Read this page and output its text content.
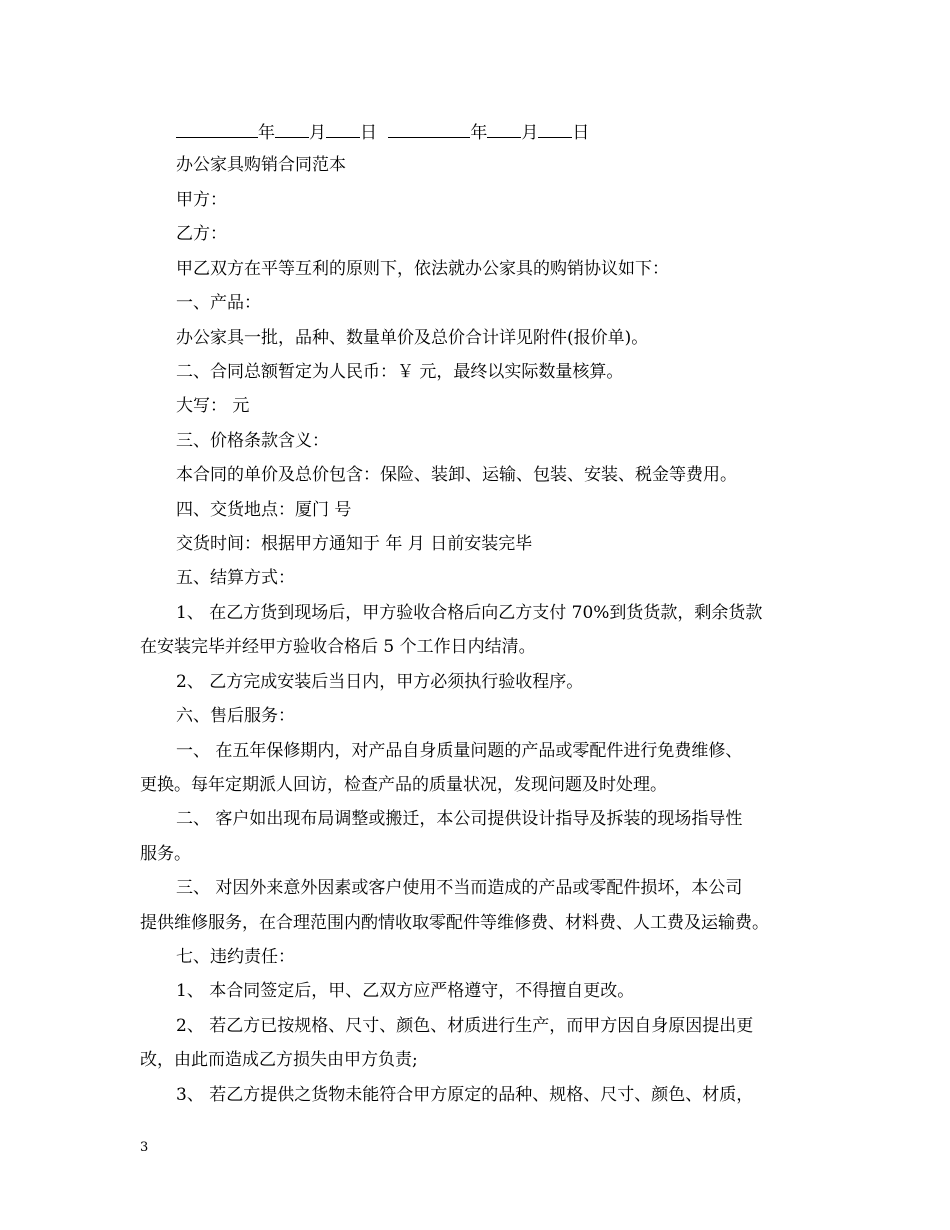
年 月 日	年 月 日
办公家具购销合同范本
甲方：
乙方：
甲乙双方在平等互利的原则下，依法就办公家具的购销协议如下：
一、产品：
办公家具一批，品种、数量单价及总价合计详见附件(报价单)。
二、合同总额暂定为人民币：￥ 元，最终以实际数量核算。
大写： 元
三、价格条款含义：
本合同的单价及总价包含：保险、装卸、运输、包装、安装、税金等费用。
四、交货地点：厦门 号
交货时间：根据甲方通知于 年 月 日前安装完毕
五、结算方式：
1、 在乙方货到现场后，甲方验收合格后向乙方支付 70%到货货款，剩余货款
在安装完毕并经甲方验收合格后 5 个工作日内结清。
2、 乙方完成安装后当日内，甲方必须执行验收程序。
六、售后服务：
一、 在五年保修期内，对产品自身质量问题的产品或零配件进行免费维修、
更换。每年定期派人回访，检查产品的质量状况，发现问题及时处理。
二、 客户如出现布局调整或搬迁，本公司提供设计指导及拆装的现场指导性
服务。
三、 对因外来意外因素或客户使用不当而造成的产品或零配件损坏，本公司
提供维修服务，在合理范围内酌情收取零配件等维修费、材料费、人工费及运输费。
七、违约责任：
1、 本合同签定后，甲、乙双方应严格遵守，不得擅自更改。
2、 若乙方已按规格、尺寸、颜色、材质进行生产，而甲方因自身原因提出更
改，由此而造成乙方损失由甲方负责;
3、 若乙方提供之货物未能符合甲方原定的品种、规格、尺寸、颜色、材质，
3
